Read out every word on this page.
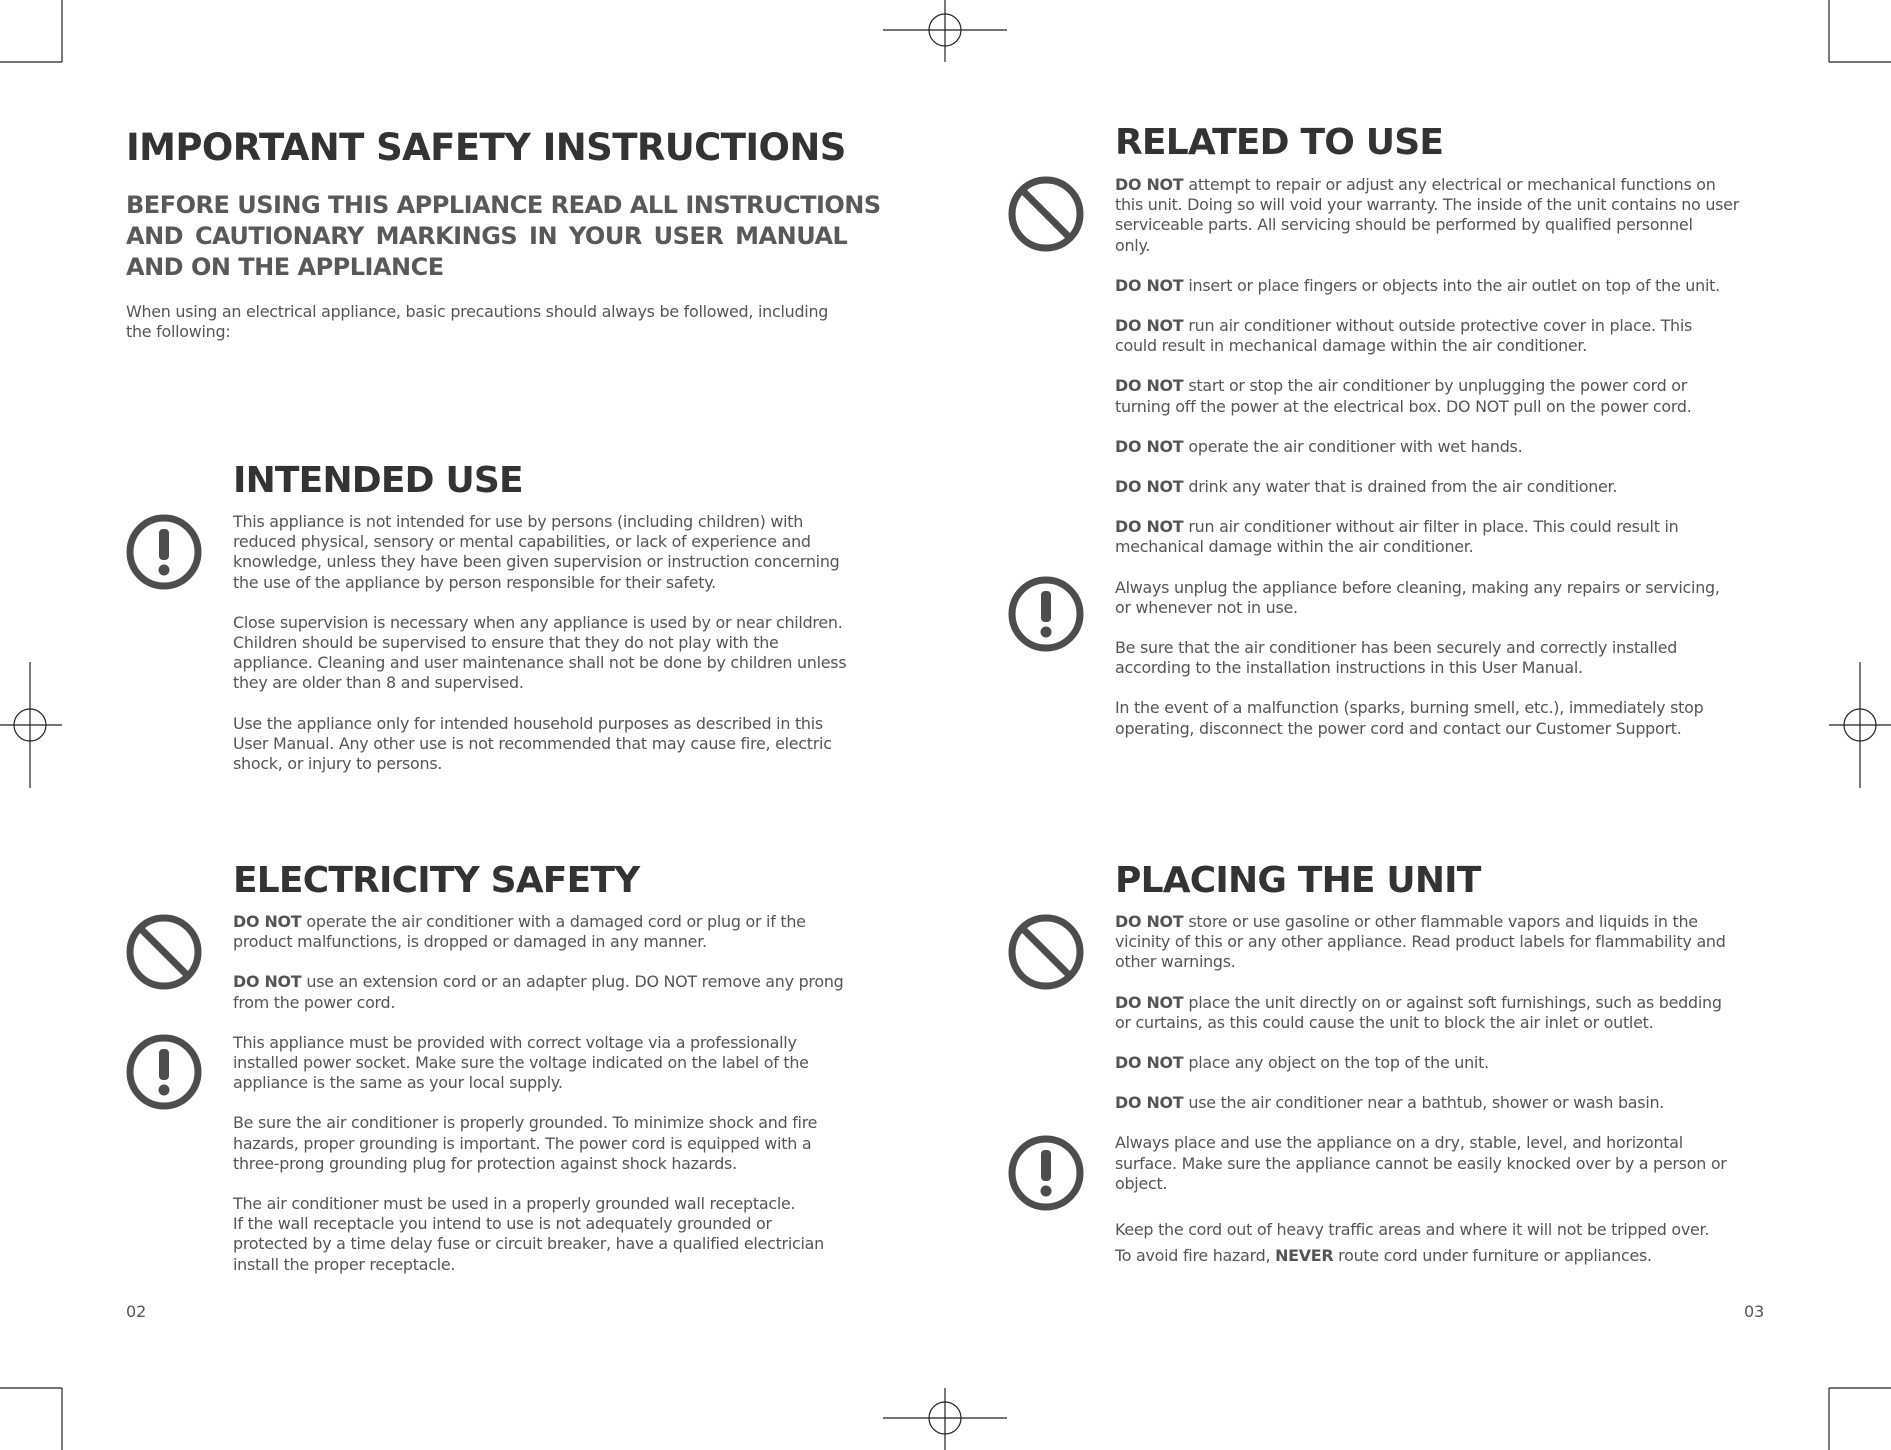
IMPORTANT SAFETY INSTRUCTIONS
BEFORE USING THIS APPLIANCE READ ALL INSTRUCTIONS
AND CAUTIONARY MARKINGS IN YOUR USER MANUAL
AND ON THE APPLIANCE

When using an electrical appliance, basic precautions should always be followed, including
the following:

INTENDED USE

This appliance is not intended for use by persons (including children) with
reduced physical, sensory or mental capabilities, or lack of experience and
knowledge, unless they have been given supervision or instruction concerning
the use of the appliance by person responsible for their safety.

Close supervision is necessary when any appliance is used by or near children.
Children should be supervised to ensure that they do not play with the
appliance. Cleaning and user maintenance shall not be done by children unless
they are older than 8 and supervised.

Use the appliance only for intended household purposes as described in this
User Manual. Any other use is not recommended that may cause fire, electric
shock, or injury to persons.

ELECTRICITY SAFETY

DO NOT operate the air conditioner with a damaged cord or plug or if the
product malfunctions, is dropped or damaged in any manner.

DO NOT use an extension cord or an adapter plug. DO NOT remove any prong
from the power cord.

This appliance must be provided with correct voltage via a professionally
installed power socket. Make sure the voltage indicated on the label of the
appliance is the same as your local supply.

Be sure the air conditioner is properly grounded. To minimize shock and fire
hazards, proper grounding is important. The power cord is equipped with a
three-prong grounding plug for protection against shock hazards.

The air conditioner must be used in a properly grounded wall receptacle.
If the wall receptacle you intend to use is not adequately grounded or
protected by a time delay fuse or circuit breaker, have a qualified electrician
install the proper receptacle.

02
RELATED TO USE

DO NOT attempt to repair or adjust any electrical or mechanical functions on
this unit. Doing so will void your warranty. The inside of the unit contains no user
serviceable parts. All servicing should be performed by qualified personnel
only.

DO NOT insert or place fingers or objects into the air outlet on top of the unit.

DO NOT run air conditioner without outside protective cover in place. This
could result in mechanical damage within the air conditioner.

DO NOT start or stop the air conditioner by unplugging the power cord or
turning off the power at the electrical box. DO NOT pull on the power cord.

DO NOT operate the air conditioner with wet hands.

DO NOT drink any water that is drained from the air conditioner.

DO NOT run air conditioner without air filter in place. This could result in
mechanical damage within the air conditioner.

Always unplug the appliance before cleaning, making any repairs or servicing,
or whenever not in use.

Be sure that the air conditioner has been securely and correctly installed
according to the installation instructions in this User Manual.

In the event of a malfunction (sparks, burning smell, etc.), immediately stop
operating, disconnect the power cord and contact our Customer Support.

PLACING THE UNIT

DO NOT store or use gasoline or other flammable vapors and liquids in the
vicinity of this or any other appliance. Read product labels for flammability and
other warnings.

DO NOT place the unit directly on or against soft furnishings, such as bedding
or curtains, as this could cause the unit to block the air inlet or outlet.

DO NOT place any object on the top of the unit.

DO NOT use the air conditioner near a bathtub, shower or wash basin.

Always place and use the appliance on a dry, stable, level, and horizontal
surface. Make sure the appliance cannot be easily knocked over by a person or
object.

Keep the cord out of heavy traffic areas and where it will not be tripped over.

To avoid fire hazard, NEVER route cord under furniture or appliances.

03
